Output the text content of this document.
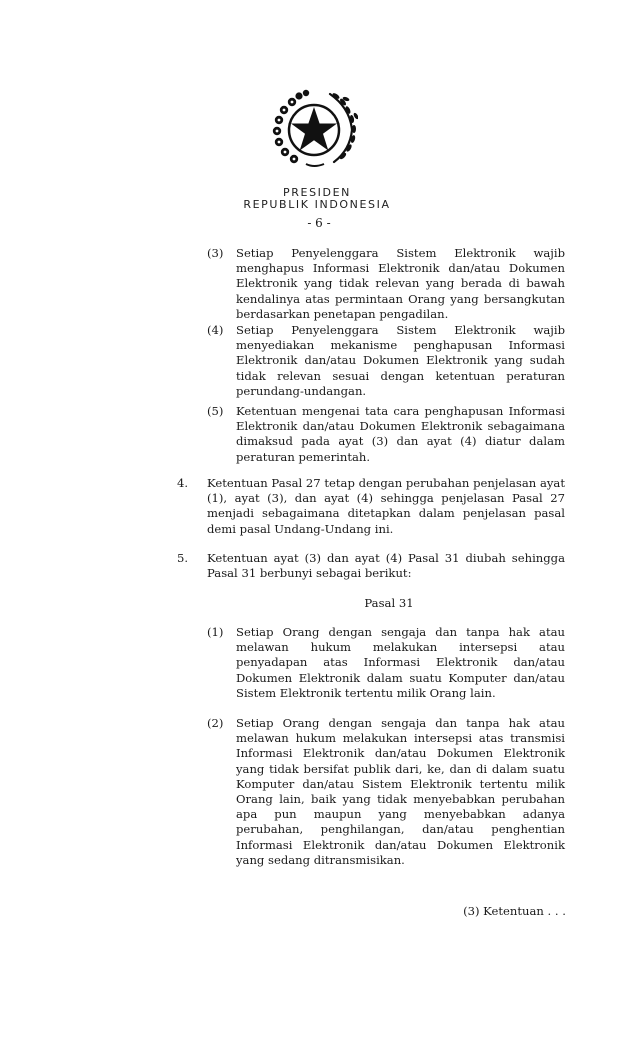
PRESIDEN
REPUBLIK INDONESIA
- 6 -
(3) Setiap Penyelenggara Sistem Elektronik wajib menghapus Informasi Elektronik dan/atau Dokumen Elektronik yang tidak relevan yang berada di bawah kendalinya atas permintaan Orang yang bersangkutan berdasarkan penetapan pengadilan.

(4) Setiap Penyelenggara Sistem Elektronik wajib menyediakan mekanisme penghapusan Informasi Elektronik dan/atau Dokumen Elektronik yang sudah tidak relevan sesuai dengan ketentuan peraturan perundang-undangan.

(5) Ketentuan mengenai tata cara penghapusan Informasi Elektronik dan/atau Dokumen Elektronik sebagaimana dimaksud pada ayat (3) dan ayat (4) diatur dalam peraturan pemerintah.

4. Ketentuan Pasal 27 tetap dengan perubahan penjelasan ayat (1), ayat (3), dan ayat (4) sehingga penjelasan Pasal 27 menjadi sebagaimana ditetapkan dalam penjelasan pasal demi pasal Undang-Undang ini.

5. Ketentuan ayat (3) dan ayat (4) Pasal 31 diubah sehingga Pasal 31 berbunyi sebagai berikut:

Pasal 31
(1) Setiap Orang dengan sengaja dan tanpa hak atau melawan hukum melakukan intersepsi atau penyadapan atas Informasi Elektronik dan/atau Dokumen Elektronik dalam suatu Komputer dan/atau Sistem Elektronik tertentu milik Orang lain.

(2) Setiap Orang dengan sengaja dan tanpa hak atau melawan hukum melakukan intersepsi atas transmisi Informasi Elektronik dan/atau Dokumen Elektronik yang tidak bersifat publik dari, ke, dan di dalam suatu Komputer dan/atau Sistem Elektronik tertentu milik Orang lain, baik yang tidak menyebabkan perubahan apa pun maupun yang menyebabkan adanya perubahan, penghilangan, dan/atau penghentian Informasi Elektronik dan/atau Dokumen Elektronik yang sedang ditransmisikan.

(3) Ketentuan . . .
